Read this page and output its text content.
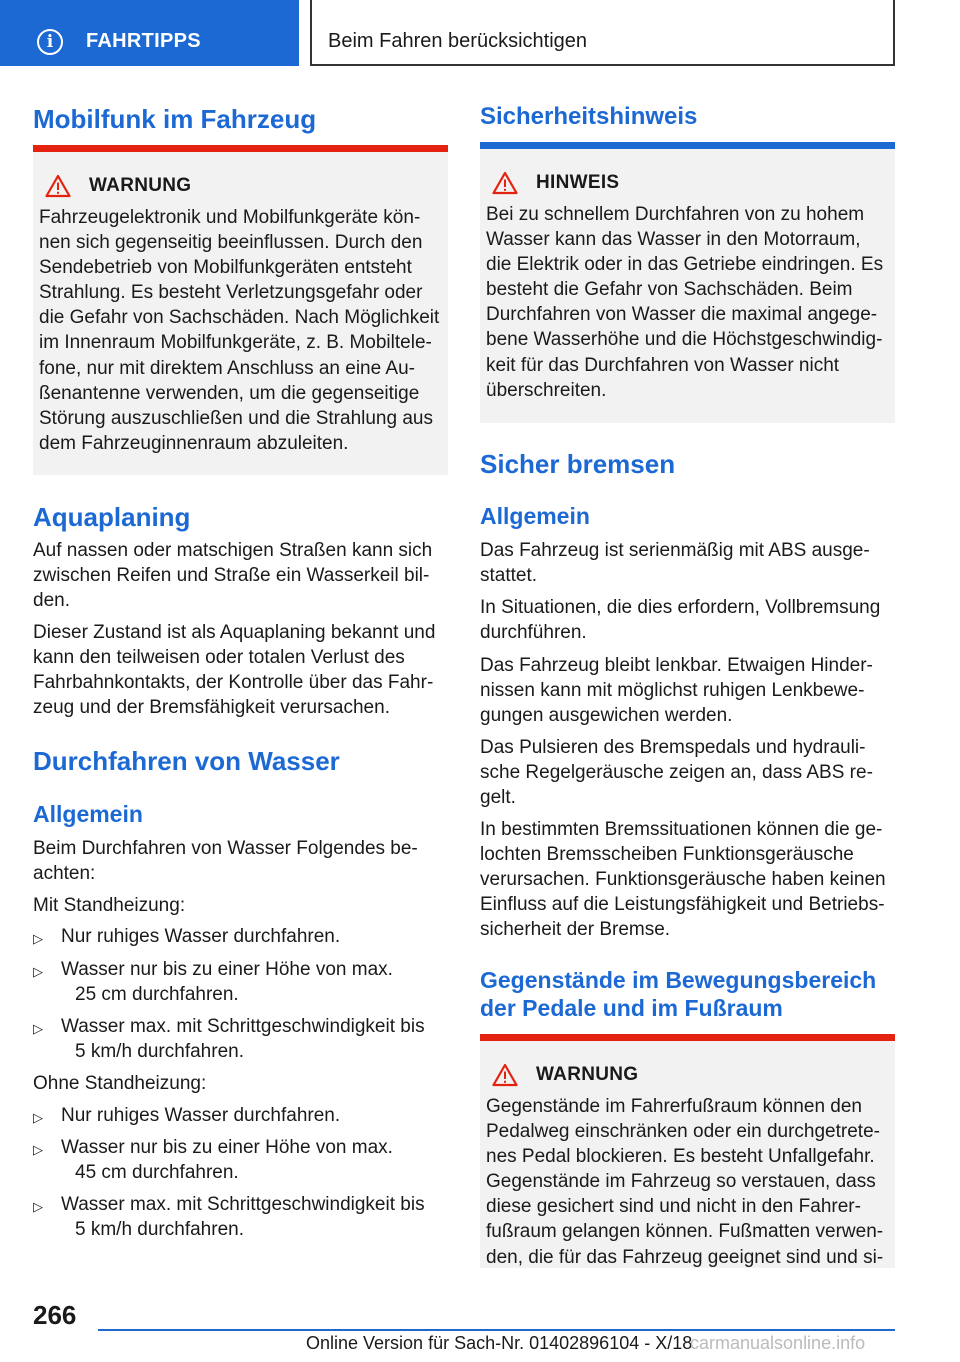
i	FAHRTIPPS	Beim Fahren berücksichtigen
Mobilfunk im Fahrzeug
WARNUNG
Fahrzeugelektronik und Mobilfunkgeräte kön-
nen sich gegenseitig beeinflussen. Durch den
Sendebetrieb von Mobilfunkgeräten entsteht
Strahlung. Es besteht Verletzungsgefahr oder
die Gefahr von Sachschäden. Nach Möglichkeit
im Innenraum Mobilfunkgeräte, z. B. Mobiltele-
fone, nur mit direktem Anschluss an eine Au-
ßenantenne verwenden, um die gegenseitige
Störung auszuschließen und die Strahlung aus
dem Fahrzeuginnenraum abzuleiten.
Aquaplaning
Auf nassen oder matschigen Straßen kann sich
zwischen Reifen und Straße ein Wasserkeil bil-
den.
Dieser Zustand ist als Aquaplaning bekannt und
kann den teilweisen oder totalen Verlust des
Fahrbahnkontakts, der Kontrolle über das Fahr-
zeug und der Bremsfähigkeit verursachen.
Durchfahren von Wasser
Allgemein
Beim Durchfahren von Wasser Folgendes be-
achten:
Mit Standheizung:
▷ Nur ruhiges Wasser durchfahren.
▷ Wasser nur bis zu einer Höhe von max.
25 cm durchfahren.
▷ Wasser max. mit Schrittgeschwindigkeit bis
5 km/h durchfahren.
Ohne Standheizung:
▷ Nur ruhiges Wasser durchfahren.
▷ Wasser nur bis zu einer Höhe von max.
45 cm durchfahren.
▷ Wasser max. mit Schrittgeschwindigkeit bis
5 km/h durchfahren.
Sicherheitshinweis
HINWEIS
Bei zu schnellem Durchfahren von zu hohem
Wasser kann das Wasser in den Motorraum,
die Elektrik oder in das Getriebe eindringen. Es
besteht die Gefahr von Sachschäden. Beim
Durchfahren von Wasser die maximal angege-
bene Wasserhöhe und die Höchstgeschwindig-
keit für das Durchfahren von Wasser nicht
überschreiten.
Sicher bremsen
Allgemein
Das Fahrzeug ist serienmäßig mit ABS ausge-
stattet.
In Situationen, die dies erfordern, Vollbremsung
durchführen.
Das Fahrzeug bleibt lenkbar. Etwaigen Hinder-
nissen kann mit möglichst ruhigen Lenkbewe-
gungen ausgewichen werden.
Das Pulsieren des Bremspedals und hydrauli-
sche Regelgeräusche zeigen an, dass ABS re-
gelt.
In bestimmten Bremssituationen können die ge-
lochten Bremsscheiben Funktionsgeräusche
verursachen. Funktionsgeräusche haben keinen
Einfluss auf die Leistungsfähigkeit und Betriebs-
sicherheit der Bremse.
Gegenstände im Bewegungsbereich
der Pedale und im Fußraum
WARNUNG
Gegenstände im Fahrerfußraum können den
Pedalweg einschränken oder ein durchgetrete-
nes Pedal blockieren. Es besteht Unfallgefahr.
Gegenstände im Fahrzeug so verstauen, dass
diese gesichert sind und nicht in den Fahrer-
fußraum gelangen können. Fußmatten verwen-
den, die für das Fahrzeug geeignet sind und si-
266
Online Version für Sach-Nr. 01402896104 - X/18
carmanualsonline.info
